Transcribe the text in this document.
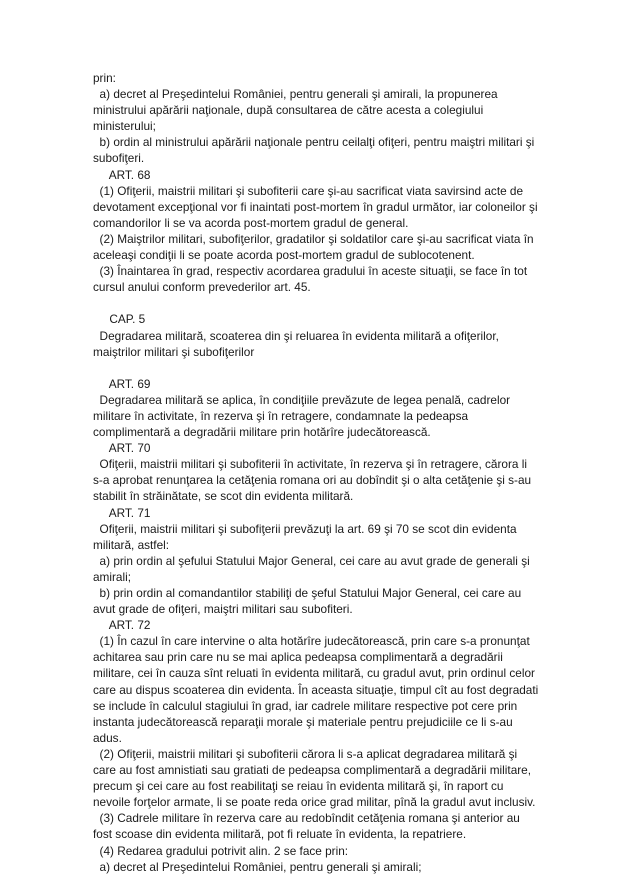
prin:
a) decret al Preşedintelui României, pentru generali şi amirali, la propunerea
ministrului apărării naţionale, după consultarea de către acesta a colegiului
ministerului;
b) ordin al ministrului apărării naţionale pentru ceilalţi ofiţeri, pentru maiştri militari şi
subofiţeri.
ART. 68
(1) Ofiţerii, maistrii militari şi subofiterii care şi-au sacrificat viata savirsind acte de
devotament excepţional vor fi inaintati post-mortem în gradul următor, iar coloneilor şi
comandorilor li se va acorda post-mortem gradul de general.
(2) Maiştrilor militari, subofiţerilor, gradatilor şi soldatilor care şi-au sacrificat viata în
aceleaşi condiţii li se poate acorda post-mortem gradul de sublocotenent.
(3) Înaintarea în grad, respectiv acordarea gradului în aceste situaţii, se face în tot
cursul anului conform prevederilor art. 45.
CAP. 5
Degradarea militară, scoaterea din şi reluarea în evidenta militară a ofiţerilor,
maiştrilor militari şi subofiţerilor
ART. 69
Degradarea militară se aplica, în condiţiile prevăzute de legea penală, cadrelor
militare în activitate, în rezerva şi în retragere, condamnate la pedeapsa
complimentară a degradării militare prin hotărîre judecătorească.
ART. 70
Ofiţerii, maistrii militari şi subofiterii în activitate, în rezerva şi în retragere, cărora li
s-a aprobat renunţarea la cetăţenia romana ori au dobîndit şi o alta cetăţenie şi s-au
stabilit în străinătate, se scot din evidenta militară.
ART. 71
Ofiţerii, maistrii militari şi subofiţerii prevăzuţi la art. 69 şi 70 se scot din evidenta
militară, astfel:
a) prin ordin al şefului Statului Major General, cei care au avut grade de generali şi
amirali;
b) prin ordin al comandantilor stabiliţi de şeful Statului Major General, cei care au
avut grade de ofiţeri, maiştri militari sau subofiteri.
ART. 72
(1) În cazul în care intervine o alta hotărîre judecătorească, prin care s-a pronunţat
achitarea sau prin care nu se mai aplica pedeapsa complimentară a degradării
militare, cei în cauza sînt reluati în evidenta militară, cu gradul avut, prin ordinul celor
care au dispus scoaterea din evidenta. În aceasta situaţie, timpul cît au fost degradati
se include în calculul stagiului în grad, iar cadrele militare respective pot cere prin
instanta judecătorească reparaţii morale şi materiale pentru prejudiciile ce li s-au
adus.
(2) Ofiţerii, maistrii militari şi subofiterii cărora li s-a aplicat degradarea militară şi
care au fost amnistiati sau gratiati de pedeapsa complimentară a degradării militare,
precum şi cei care au fost reabilitaţi se reiau în evidenta militară şi, în raport cu
nevoile forţelor armate, li se poate reda orice grad militar, pînă la gradul avut inclusiv.
(3) Cadrele militare în rezerva care au redobîndit cetăţenia romana şi anterior au
fost scoase din evidenta militară, pot fi reluate în evidenta, la repatriere.
(4) Redarea gradului potrivit alin. 2 se face prin:
a) decret al Preşedintelui României, pentru generali şi amirali;
